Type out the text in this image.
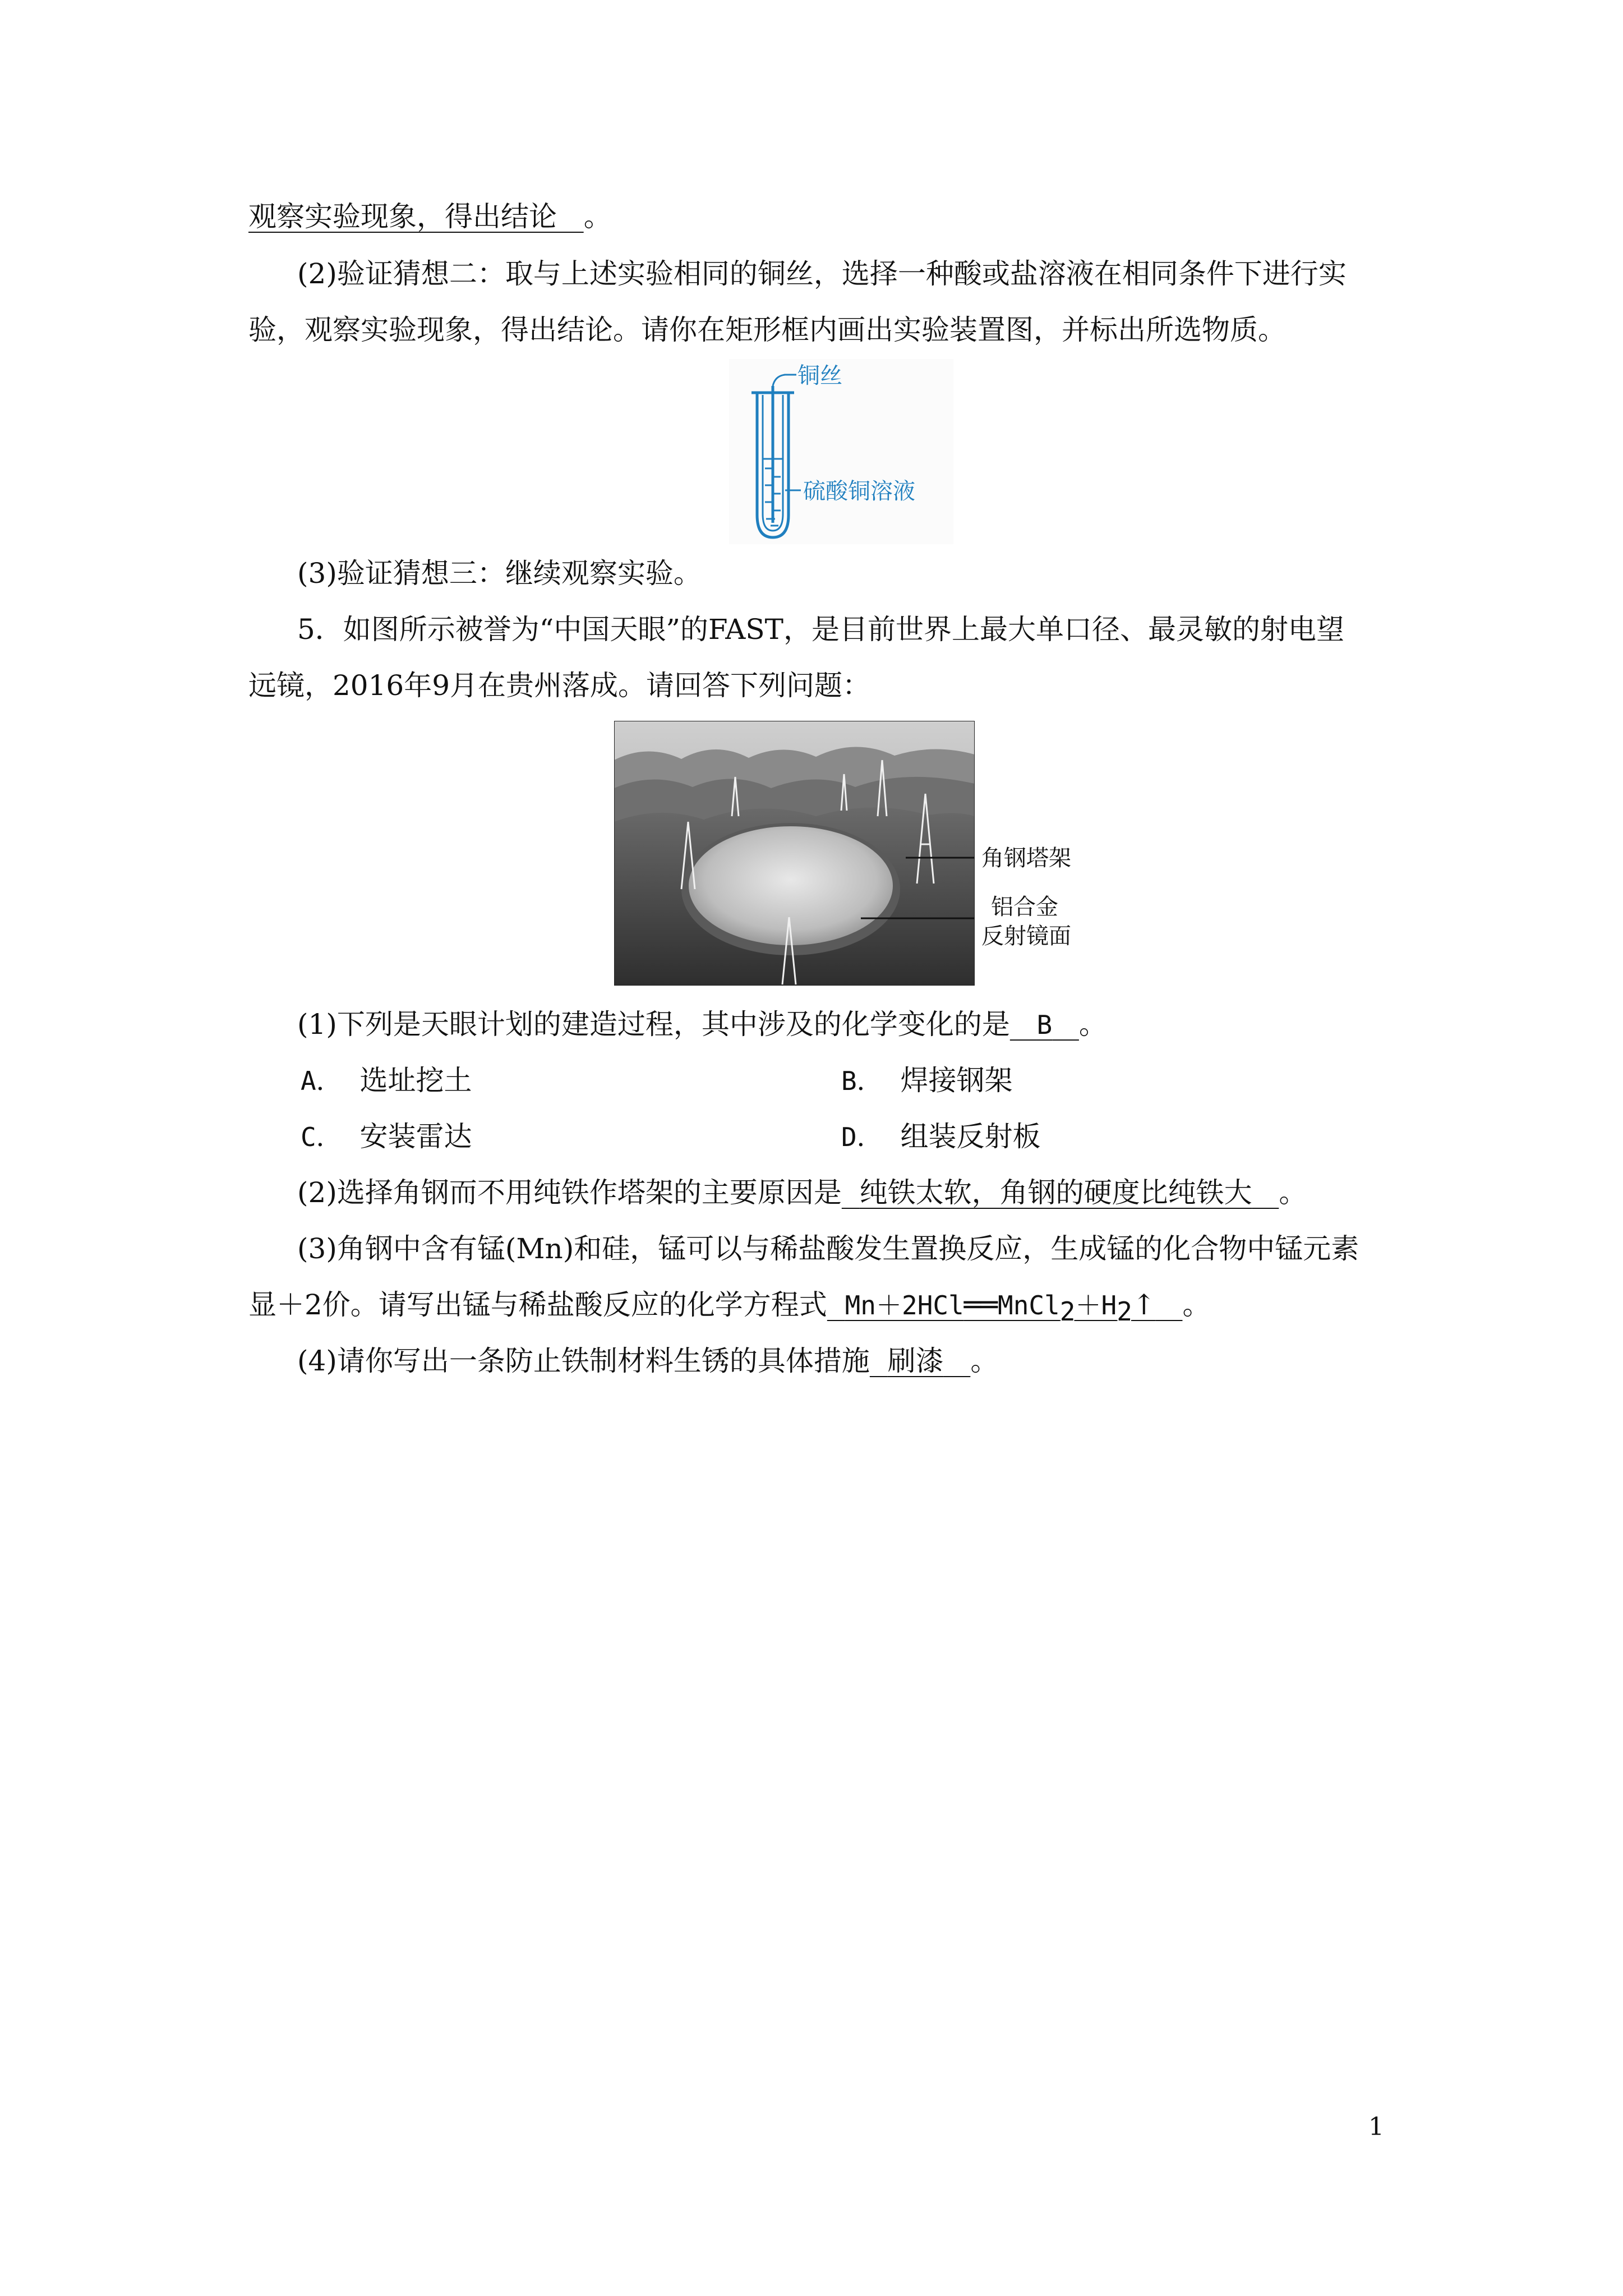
观察实验现象，得出结论 。
(2)验证猜想二：取与上述实验相同的铜丝，选择一种酸或盐溶液在相同条件下进行实
验，观察实验现象，得出结论。请你在矩形框内画出实验装置图，并标出所选物质。
铜丝
硫酸铜溶液
(3)验证猜想三：继续观察实验。
5．如图所示被誉为“中国天眼”的FAST，是目前世界上最大单口径、最灵敏的射电望
远镜，2016年9月在贵州落成。请回答下列问题：
角钢塔架
铝合金
反射镜面
(1)下列是天眼计划的建造过程，其中涉及的化学变化的是 B 。
A． 选址挖土	B． 焊接钢架
C． 安装雷达	D． 组装反射板
(2)选择角钢而不用纯铁作塔架的主要原因是 纯铁太软，角钢的硬度比纯铁大 。
(3)角钢中含有锰(Mn)和硅，锰可以与稀盐酸发生置换反应，生成锰的化合物中锰元素
显＋2价。请写出锰与稀盐酸反应的化学方程式 $Mn+2HCl══MnCl_2+H_2↑$ 。
(4)请你写出一条防止铁制材料生锈的具体措施 刷漆 。
1
